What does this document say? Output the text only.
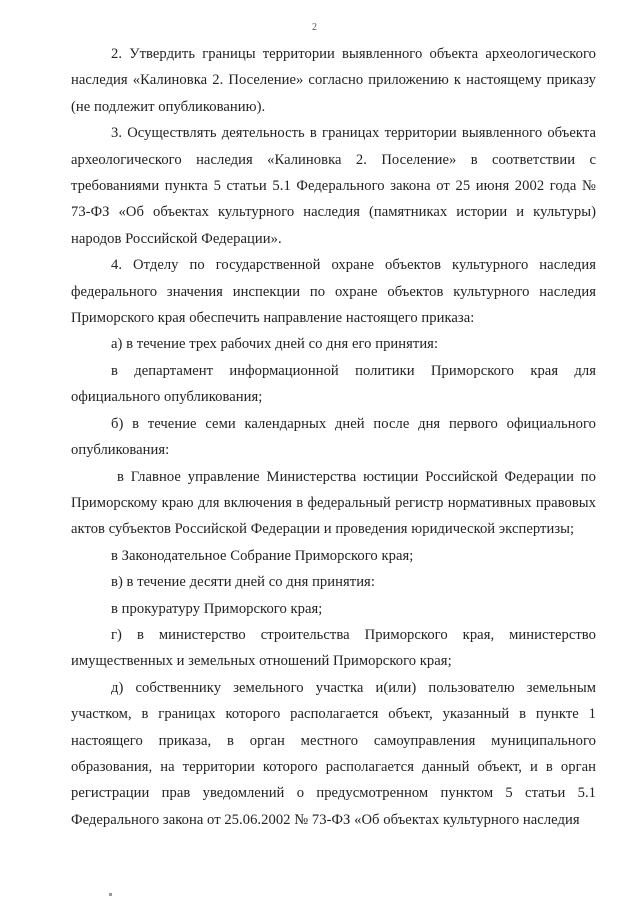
2

2. Утвердить границы территории выявленного объекта археологического наследия «Калиновка 2. Поселение» согласно приложению к настоящему приказу (не подлежит опубликованию).

3. Осуществлять деятельность в границах территории выявленного объекта археологического наследия «Калиновка 2. Поселение» в соответствии с требованиями пункта 5 статьи 5.1 Федерального закона от 25 июня 2002 года № 73-ФЗ «Об объектах культурного наследия (памятниках истории и культуры) народов Российской Федерации».

4. Отделу по государственной охране объектов культурного наследия федерального значения инспекции по охране объектов культурного наследия Приморского края обеспечить направление настоящего приказа:

а) в течение трех рабочих дней со дня его принятия:

в департамент информационной политики Приморского края для официального опубликования;

б) в течение семи календарных дней после дня первого официального опубликования:

в Главное управление Министерства юстиции Российской Федерации по Приморскому краю для включения в федеральный регистр нормативных правовых актов субъектов Российской Федерации и проведения юридической экспертизы;

в Законодательное Собрание Приморского края;

в) в течение десяти дней со дня принятия:

в прокуратуру Приморского края;

г) в министерство строительства Приморского края, министерство имущественных и земельных отношений Приморского края;

д) собственнику земельного участка и(или) пользователю земельным участком, в границах которого располагается объект, указанный в пункте 1 настоящего приказа, в орган местного самоуправления муниципального образования, на территории которого располагается данный объект, и в орган регистрации прав уведомлений о предусмотренном пунктом 5 статьи 5.1 Федерального закона от 25.06.2002 № 73-ФЗ «Об объектах культурного наследия
